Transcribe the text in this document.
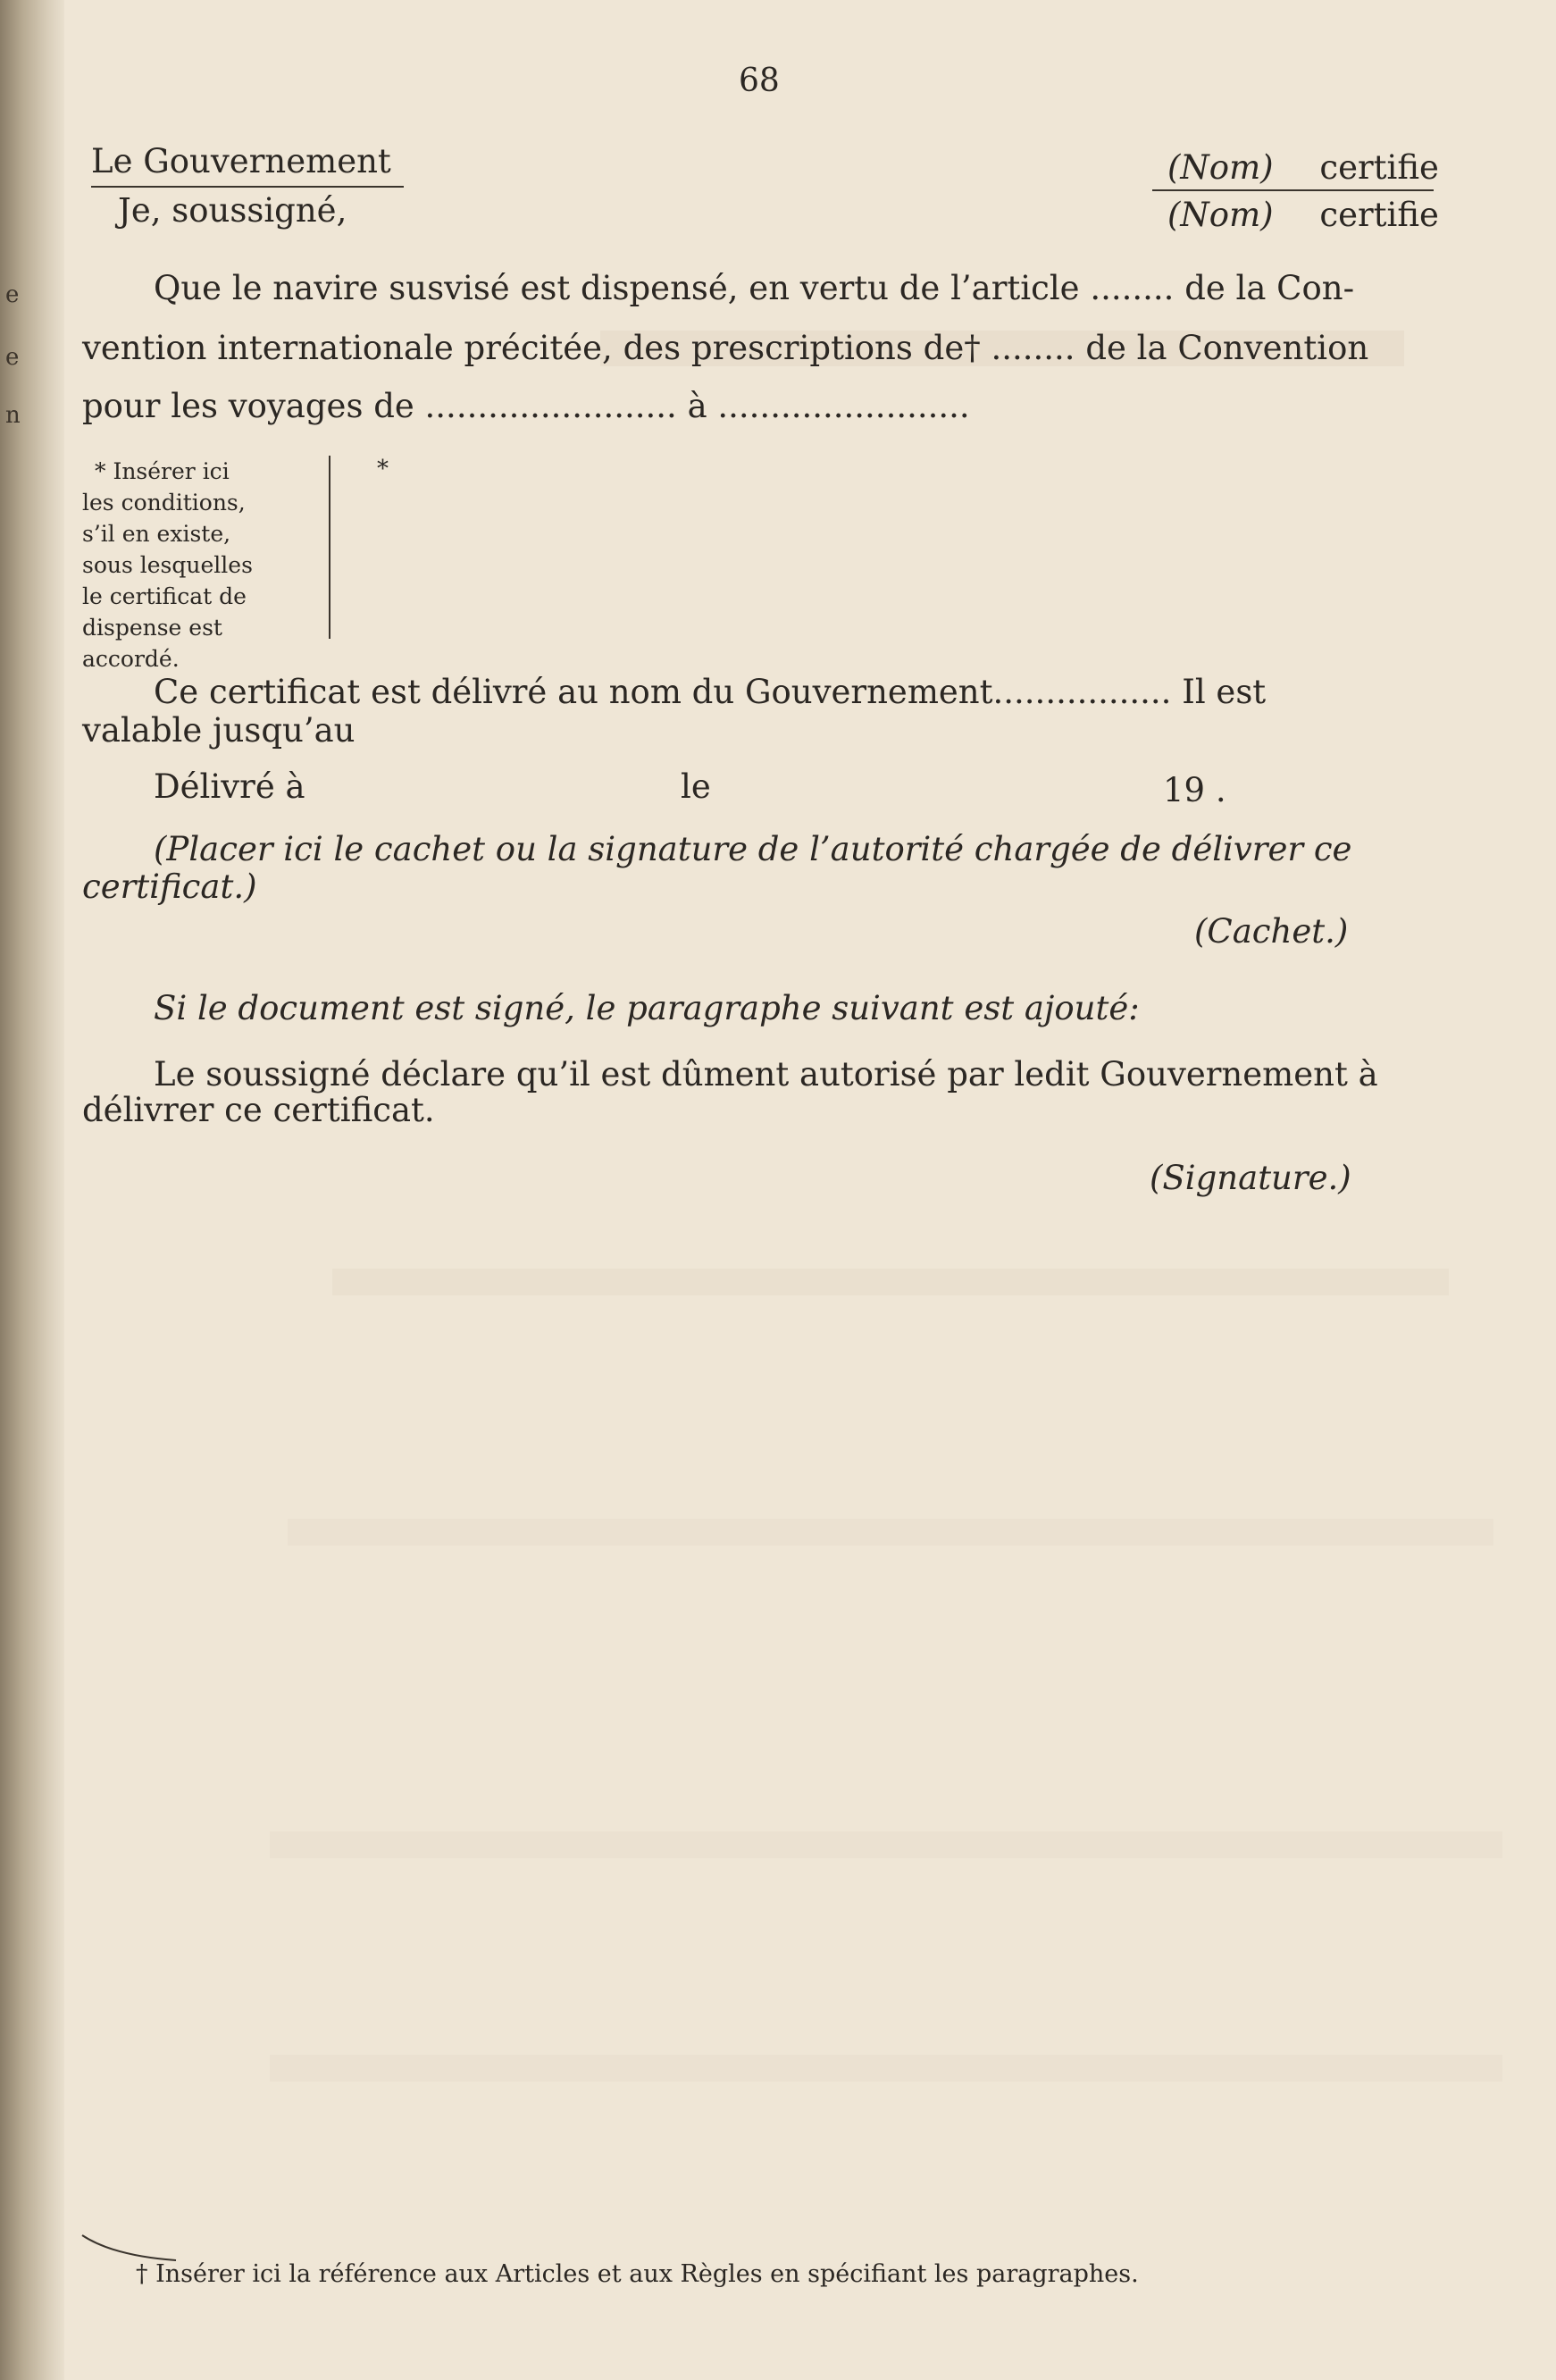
e
e
n
68
Le Gouvernement
Je, soussigné,
(Nom) certifie
(Nom) certifie
Que le navire susvisé est dispensé, en vertu de l’article ........ de la Con-
vention internationale précitée, des prescriptions de† ........ de la Convention
pour les voyages de ........................ à ........................
* Insérer ici
les conditions,
s’il en existe,
sous lesquelles
le certificat de
dispense est
accordé.
*
Ce certificat est délivré au nom du Gouvernement................. Il est
valable jusqu’au
Délivré à	le	19 .
(Placer ici le cachet ou la signature de l’autorité chargée de délivrer ce
certificat.)
(Cachet.)
Si le document est signé, le paragraphe suivant est ajouté:
Le soussigné déclare qu’il est dûment autorisé par ledit Gouvernement à
délivrer ce certificat.
(Signature.)
† Insérer ici la référence aux Articles et aux Règles en spécifiant les paragraphes.
